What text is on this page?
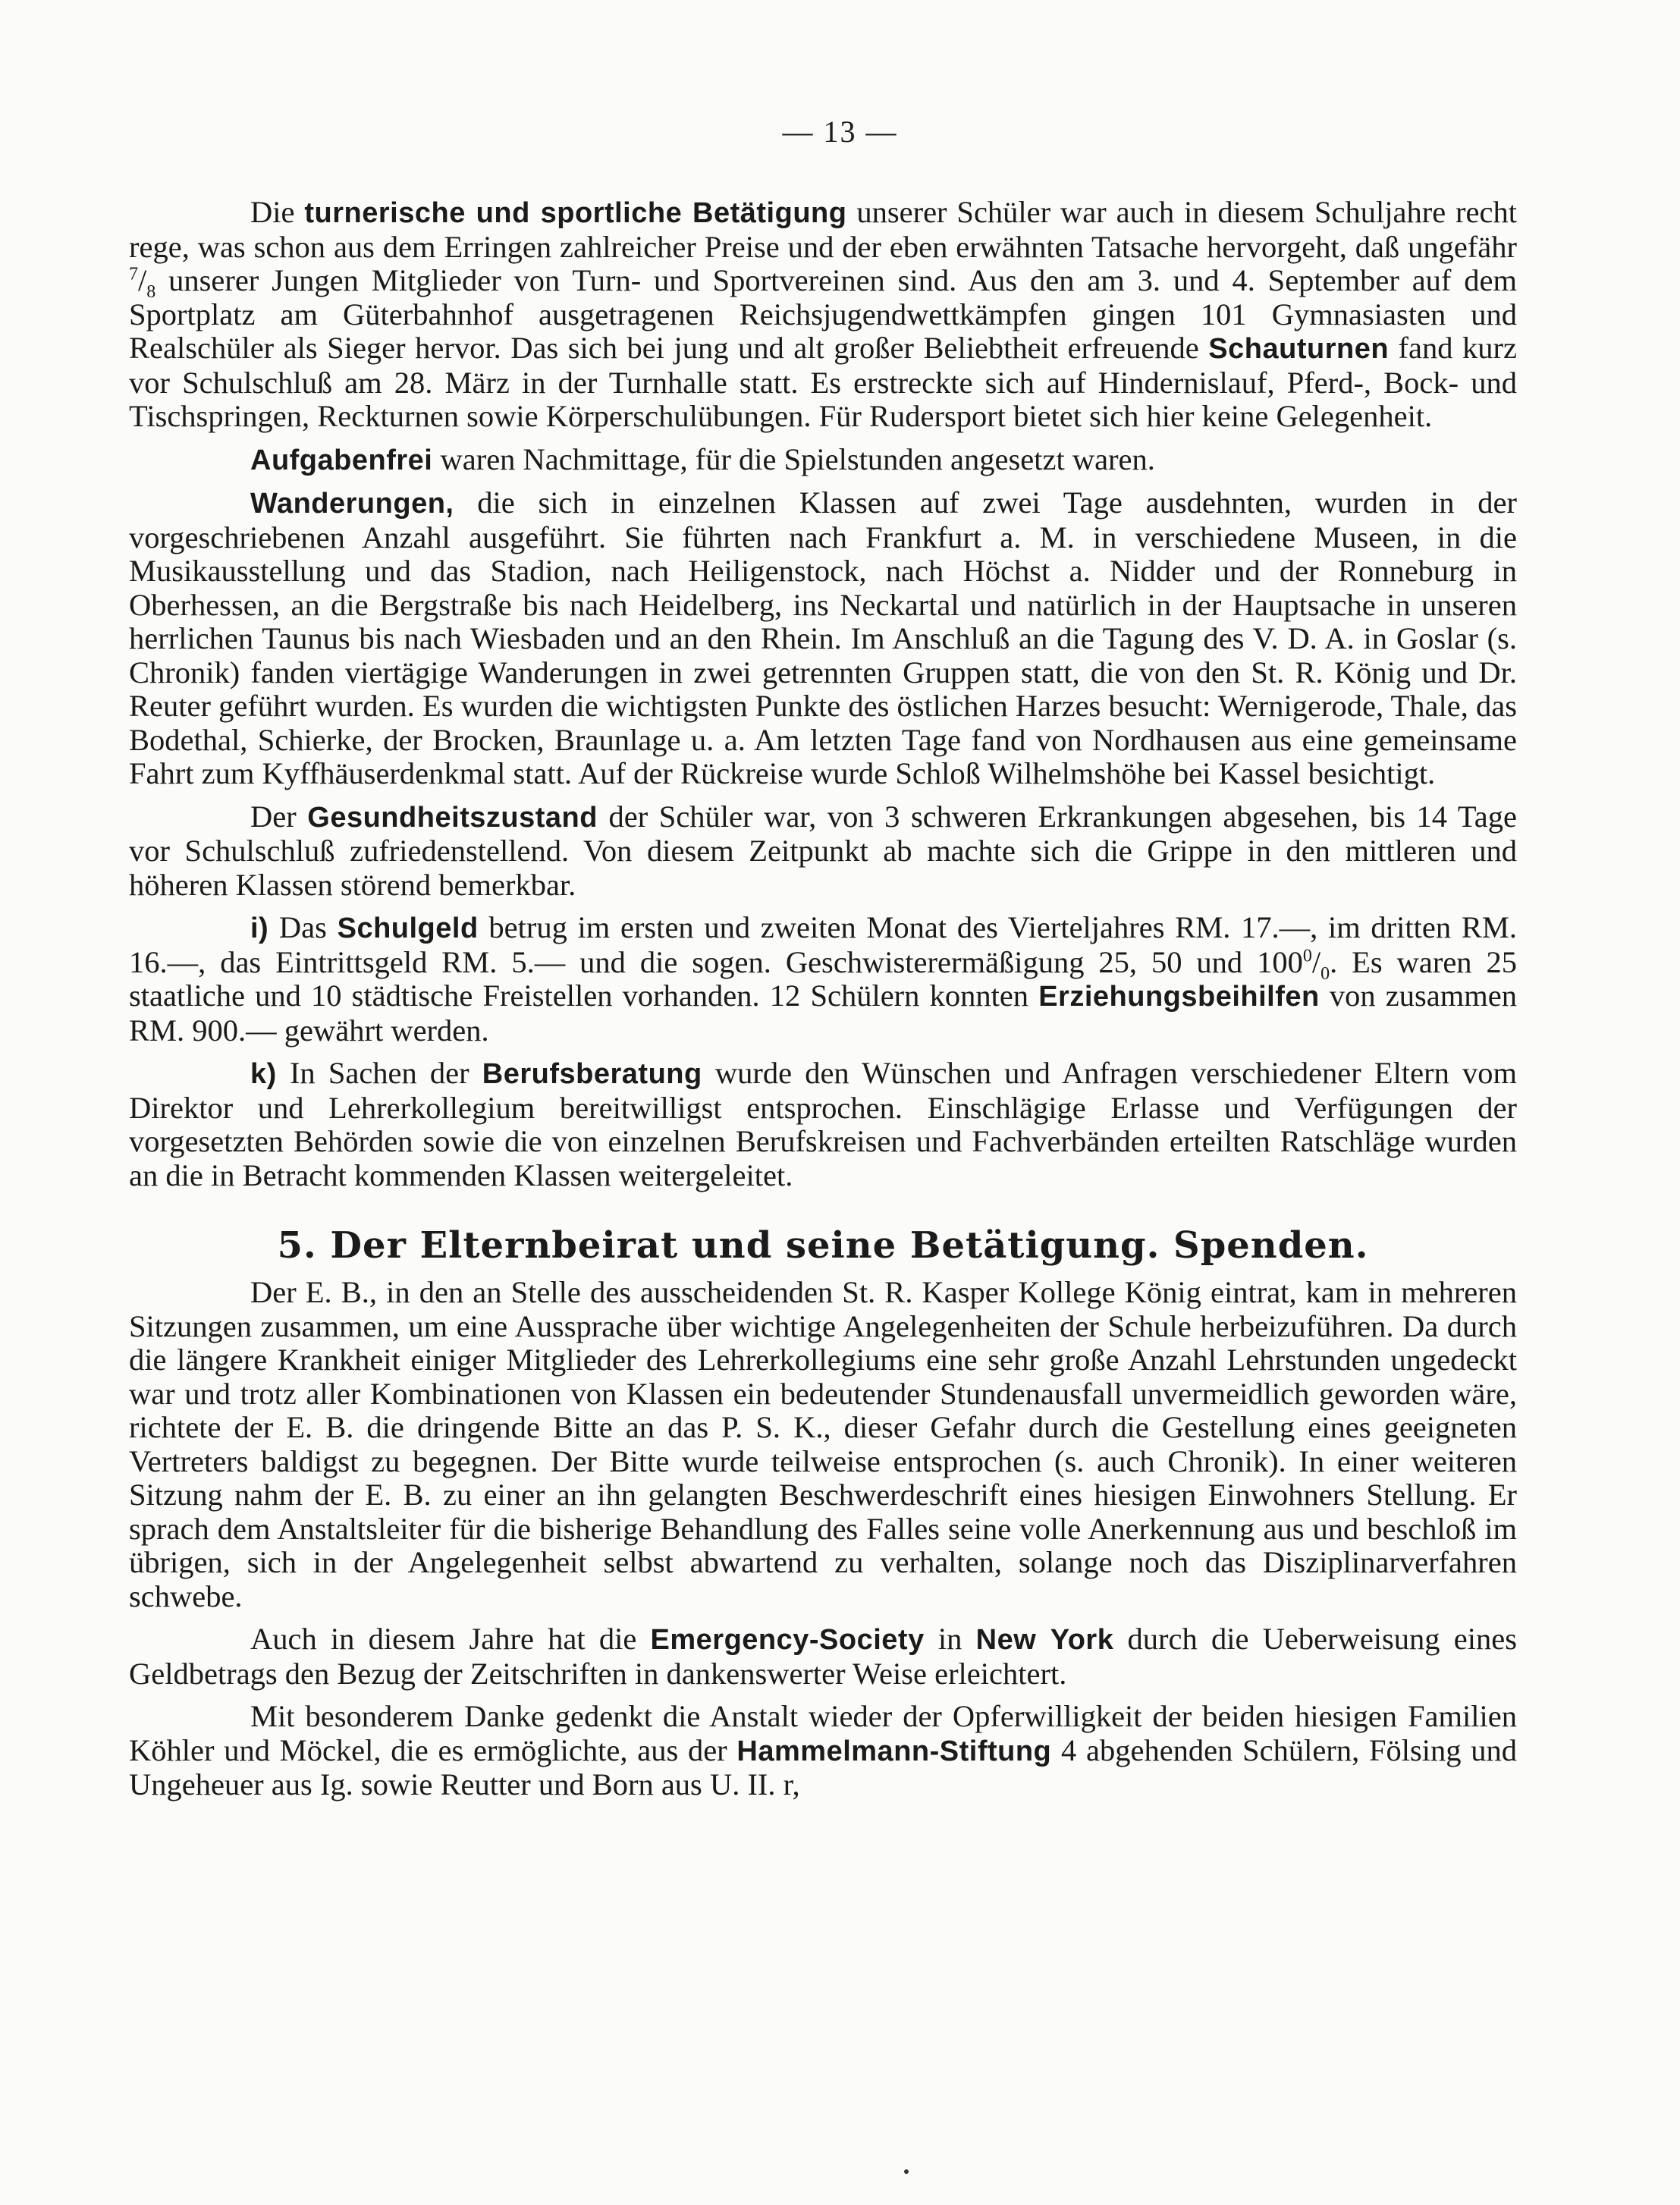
— 13 —

Die turnerische und sportliche Betätigung unserer Schüler war auch in diesem Schuljahre recht rege, was schon aus dem Erringen zahlreicher Preise und der eben erwähnten Tatsache hervorgeht, daß ungefähr $^7/_8$ unserer Jungen Mitglieder von Turn- und Sportvereinen sind. Aus den am 3. und 4. September auf dem Sportplatz am Güterbahnhof ausgetragenen Reichsjugendwettkämpfen gingen 101 Gymnasiasten und Realschüler als Sieger hervor. Das sich bei jung und alt großer Beliebtheit erfreuende Schauturnen fand kurz vor Schulschluß am 28. März in der Turnhalle statt. Es erstreckte sich auf Hindernislauf, Pferd-, Bock- und Tischspringen, Reckturnen sowie Körperschulübungen. Für Rudersport bietet sich hier keine Gelegenheit.

Aufgabenfrei waren Nachmittage, für die Spielstunden angesetzt waren.

Wanderungen, die sich in einzelnen Klassen auf zwei Tage ausdehnten, wurden in der vorgeschriebenen Anzahl ausgeführt. Sie führten nach Frankfurt a. M. in verschiedene Museen, in die Musikausstellung und das Stadion, nach Heiligenstock, nach Höchst a. Nidder und der Ronneburg in Oberhessen, an die Bergstraße bis nach Heidelberg, ins Neckartal und natürlich in der Hauptsache in unseren herrlichen Taunus bis nach Wiesbaden und an den Rhein. Im Anschluß an die Tagung des V. D. A. in Goslar (s. Chronik) fanden viertägige Wanderungen in zwei getrennten Gruppen statt, die von den St. R. König und Dr. Reuter geführt wurden. Es wurden die wichtigsten Punkte des östlichen Harzes besucht: Wernigerode, Thale, das Bodethal, Schierke, der Brocken, Braunlage u. a. Am letzten Tage fand von Nordhausen aus eine gemeinsame Fahrt zum Kyffhäuserdenkmal statt. Auf der Rückreise wurde Schloß Wilhelmshöhe bei Kassel besichtigt.

Der Gesundheitszustand der Schüler war, von 3 schweren Erkrankungen abgesehen, bis 14 Tage vor Schulschluß zufriedenstellend. Von diesem Zeitpunkt ab machte sich die Grippe in den mittleren und höheren Klassen störend bemerkbar.

i) Das Schulgeld betrug im ersten und zweiten Monat des Vierteljahres RM. 17.—, im dritten RM. 16.—, das Eintrittsgeld RM. 5.— und die sogen. Geschwisterermäßigung 25, 50 und $100^0/_0$. Es waren 25 staatliche und 10 städtische Freistellen vorhanden. 12 Schülern konnten Erziehungsbeihilfen von zusammen RM. 900.— gewährt werden.

k) In Sachen der Berufsberatung wurde den Wünschen und Anfragen verschiedener Eltern vom Direktor und Lehrerkollegium bereitwilligst entsprochen. Einschlägige Erlasse und Verfügungen der vorgesetzten Behörden sowie die von einzelnen Berufskreisen und Fachverbänden erteilten Ratschläge wurden an die in Betracht kommenden Klassen weitergeleitet.

5. Der Elternbeirat und seine Betätigung. Spenden.

Der E. B., in den an Stelle des ausscheidenden St. R. Kasper Kollege König eintrat, kam in mehreren Sitzungen zusammen, um eine Aussprache über wichtige Angelegenheiten der Schule herbeizuführen. Da durch die längere Krankheit einiger Mitglieder des Lehrerkollegiums eine sehr große Anzahl Lehrstunden ungedeckt war und trotz aller Kombinationen von Klassen ein bedeutender Stundenausfall unvermeidlich geworden wäre, richtete der E. B. die dringende Bitte an das P. S. K., dieser Gefahr durch die Gestellung eines geeigneten Vertreters baldigst zu begegnen. Der Bitte wurde teilweise entsprochen (s. auch Chronik). In einer weiteren Sitzung nahm der E. B. zu einer an ihn gelangten Beschwerdeschrift eines hiesigen Einwohners Stellung. Er sprach dem Anstaltsleiter für die bisherige Behandlung des Falles seine volle Anerkennung aus und beschloß im übrigen, sich in der Angelegenheit selbst abwartend zu verhalten, solange noch das Disziplinarverfahren schwebe.

Auch in diesem Jahre hat die Emergency-Society in New York durch die Ueberweisung eines Geldbetrags den Bezug der Zeitschriften in dankenswerter Weise erleichtert.

Mit besonderem Danke gedenkt die Anstalt wieder der Opferwilligkeit der beiden hiesigen Familien Köhler und Möckel, die es ermöglichte, aus der Hammelmann-Stiftung 4 abgehenden Schülern, Fölsing und Ungeheuer aus Ig. sowie Reutter und Born aus U. II. r,
